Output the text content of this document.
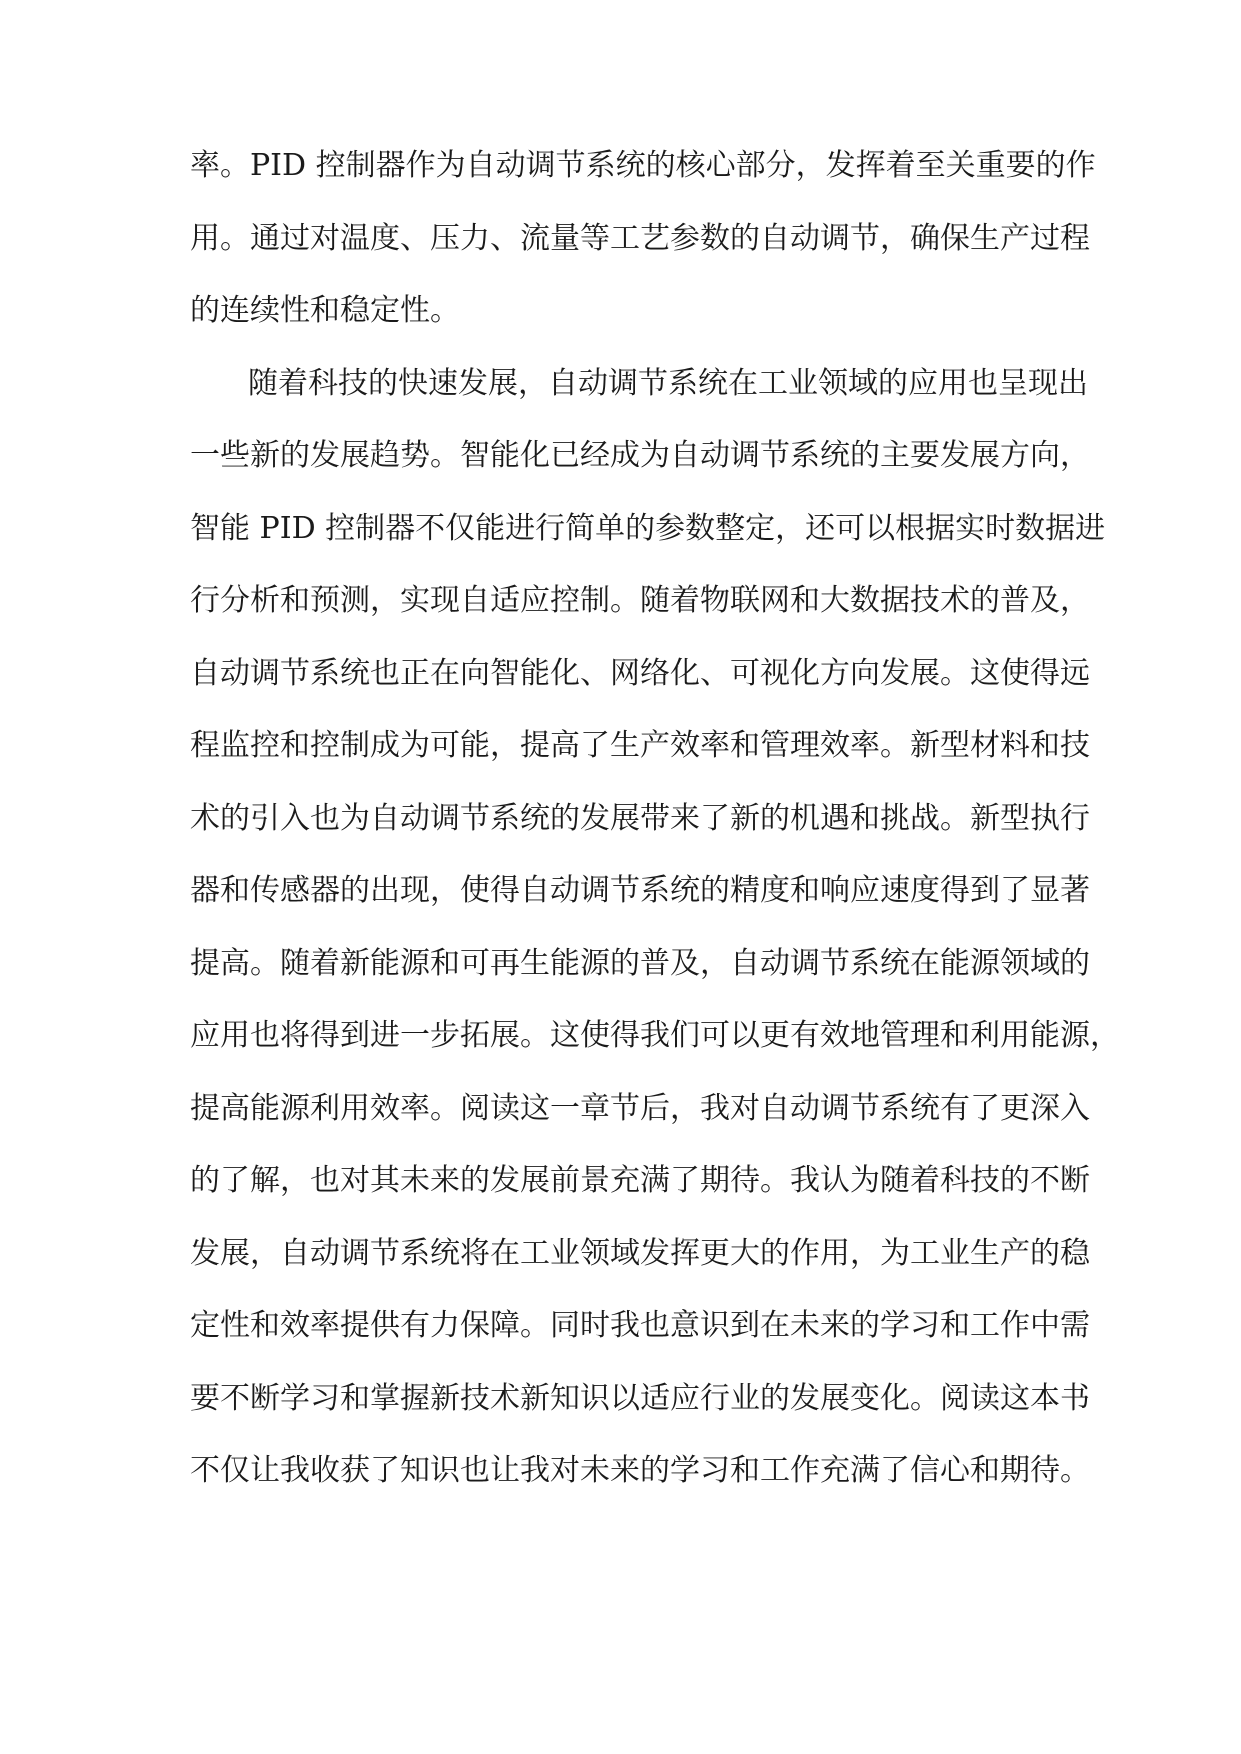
率。PID 控制器作为自动调节系统的核心部分，发挥着至关重要的作
用。通过对温度、压力、流量等工艺参数的自动调节，确保生产过程
的连续性和稳定性。
随着科技的快速发展，自动调节系统在工业领域的应用也呈现出
一些新的发展趋势。智能化已经成为自动调节系统的主要发展方向，
智能 PID 控制器不仅能进行简单的参数整定，还可以根据实时数据进
行分析和预测，实现自适应控制。随着物联网和大数据技术的普及，
自动调节系统也正在向智能化、网络化、可视化方向发展。这使得远
程监控和控制成为可能，提高了生产效率和管理效率。新型材料和技
术的引入也为自动调节系统的发展带来了新的机遇和挑战。新型执行
器和传感器的出现，使得自动调节系统的精度和响应速度得到了显著
提高。随着新能源和可再生能源的普及，自动调节系统在能源领域的
应用也将得到进一步拓展。这使得我们可以更有效地管理和利用能源，
提高能源利用效率。阅读这一章节后，我对自动调节系统有了更深入
的了解，也对其未来的发展前景充满了期待。我认为随着科技的不断
发展，自动调节系统将在工业领域发挥更大的作用，为工业生产的稳
定性和效率提供有力保障。同时我也意识到在未来的学习和工作中需
要不断学习和掌握新技术新知识以适应行业的发展变化。阅读这本书
不仅让我收获了知识也让我对未来的学习和工作充满了信心和期待。
